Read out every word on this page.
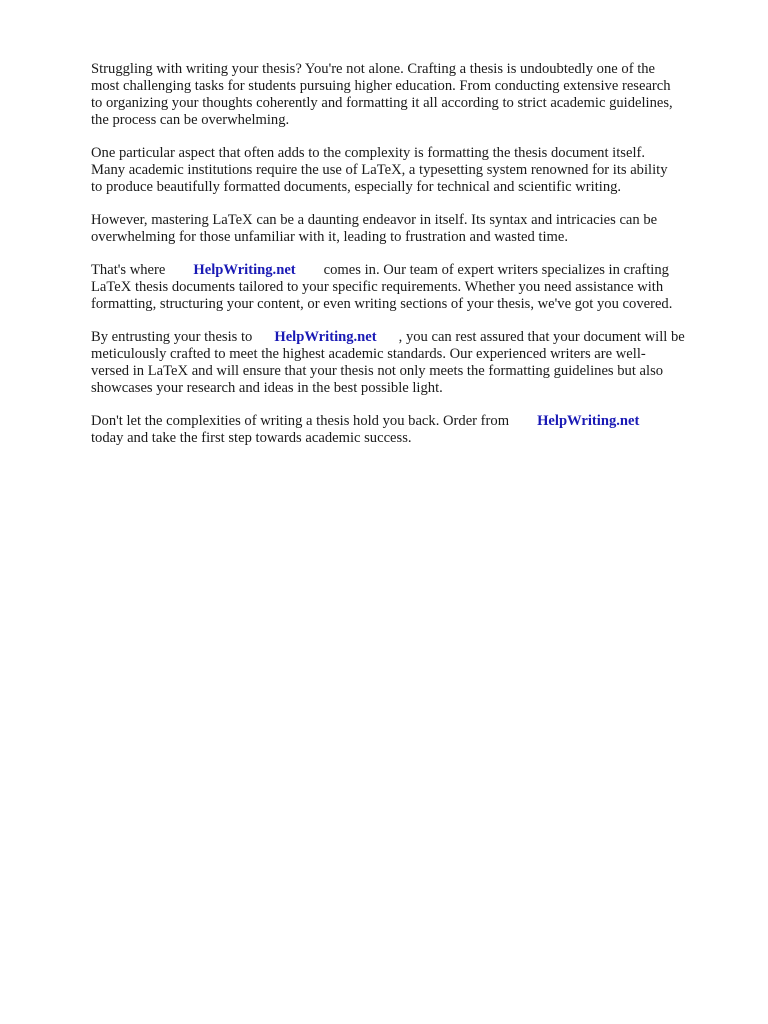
Struggling with writing your thesis? You're not alone. Crafting a thesis is undoubtedly one of the
most challenging tasks for students pursuing higher education. From conducting extensive research
to organizing your thoughts coherently and formatting it all according to strict academic guidelines,
the process can be overwhelming.

One particular aspect that often adds to the complexity is formatting the thesis document itself.
Many academic institutions require the use of LaTeX, a typesetting system renowned for its ability
to produce beautifully formatted documents, especially for technical and scientific writing.

However, mastering LaTeX can be a daunting endeavor in itself. Its syntax and intricacies can be
overwhelming for those unfamiliar with it, leading to frustration and wasted time.

That's where HelpWriting.net comes in. Our team of expert writers specializes in crafting
LaTeX thesis documents tailored to your specific requirements. Whether you need assistance with
formatting, structuring your content, or even writing sections of your thesis, we've got you covered.

By entrusting your thesis to HelpWriting.net , you can rest assured that your document will be
meticulously crafted to meet the highest academic standards. Our experienced writers are well-
versed in LaTeX and will ensure that your thesis not only meets the formatting guidelines but also
showcases your research and ideas in the best possible light.

Don't let the complexities of writing a thesis hold you back. Order from HelpWriting.net
today and take the first step towards academic success.
